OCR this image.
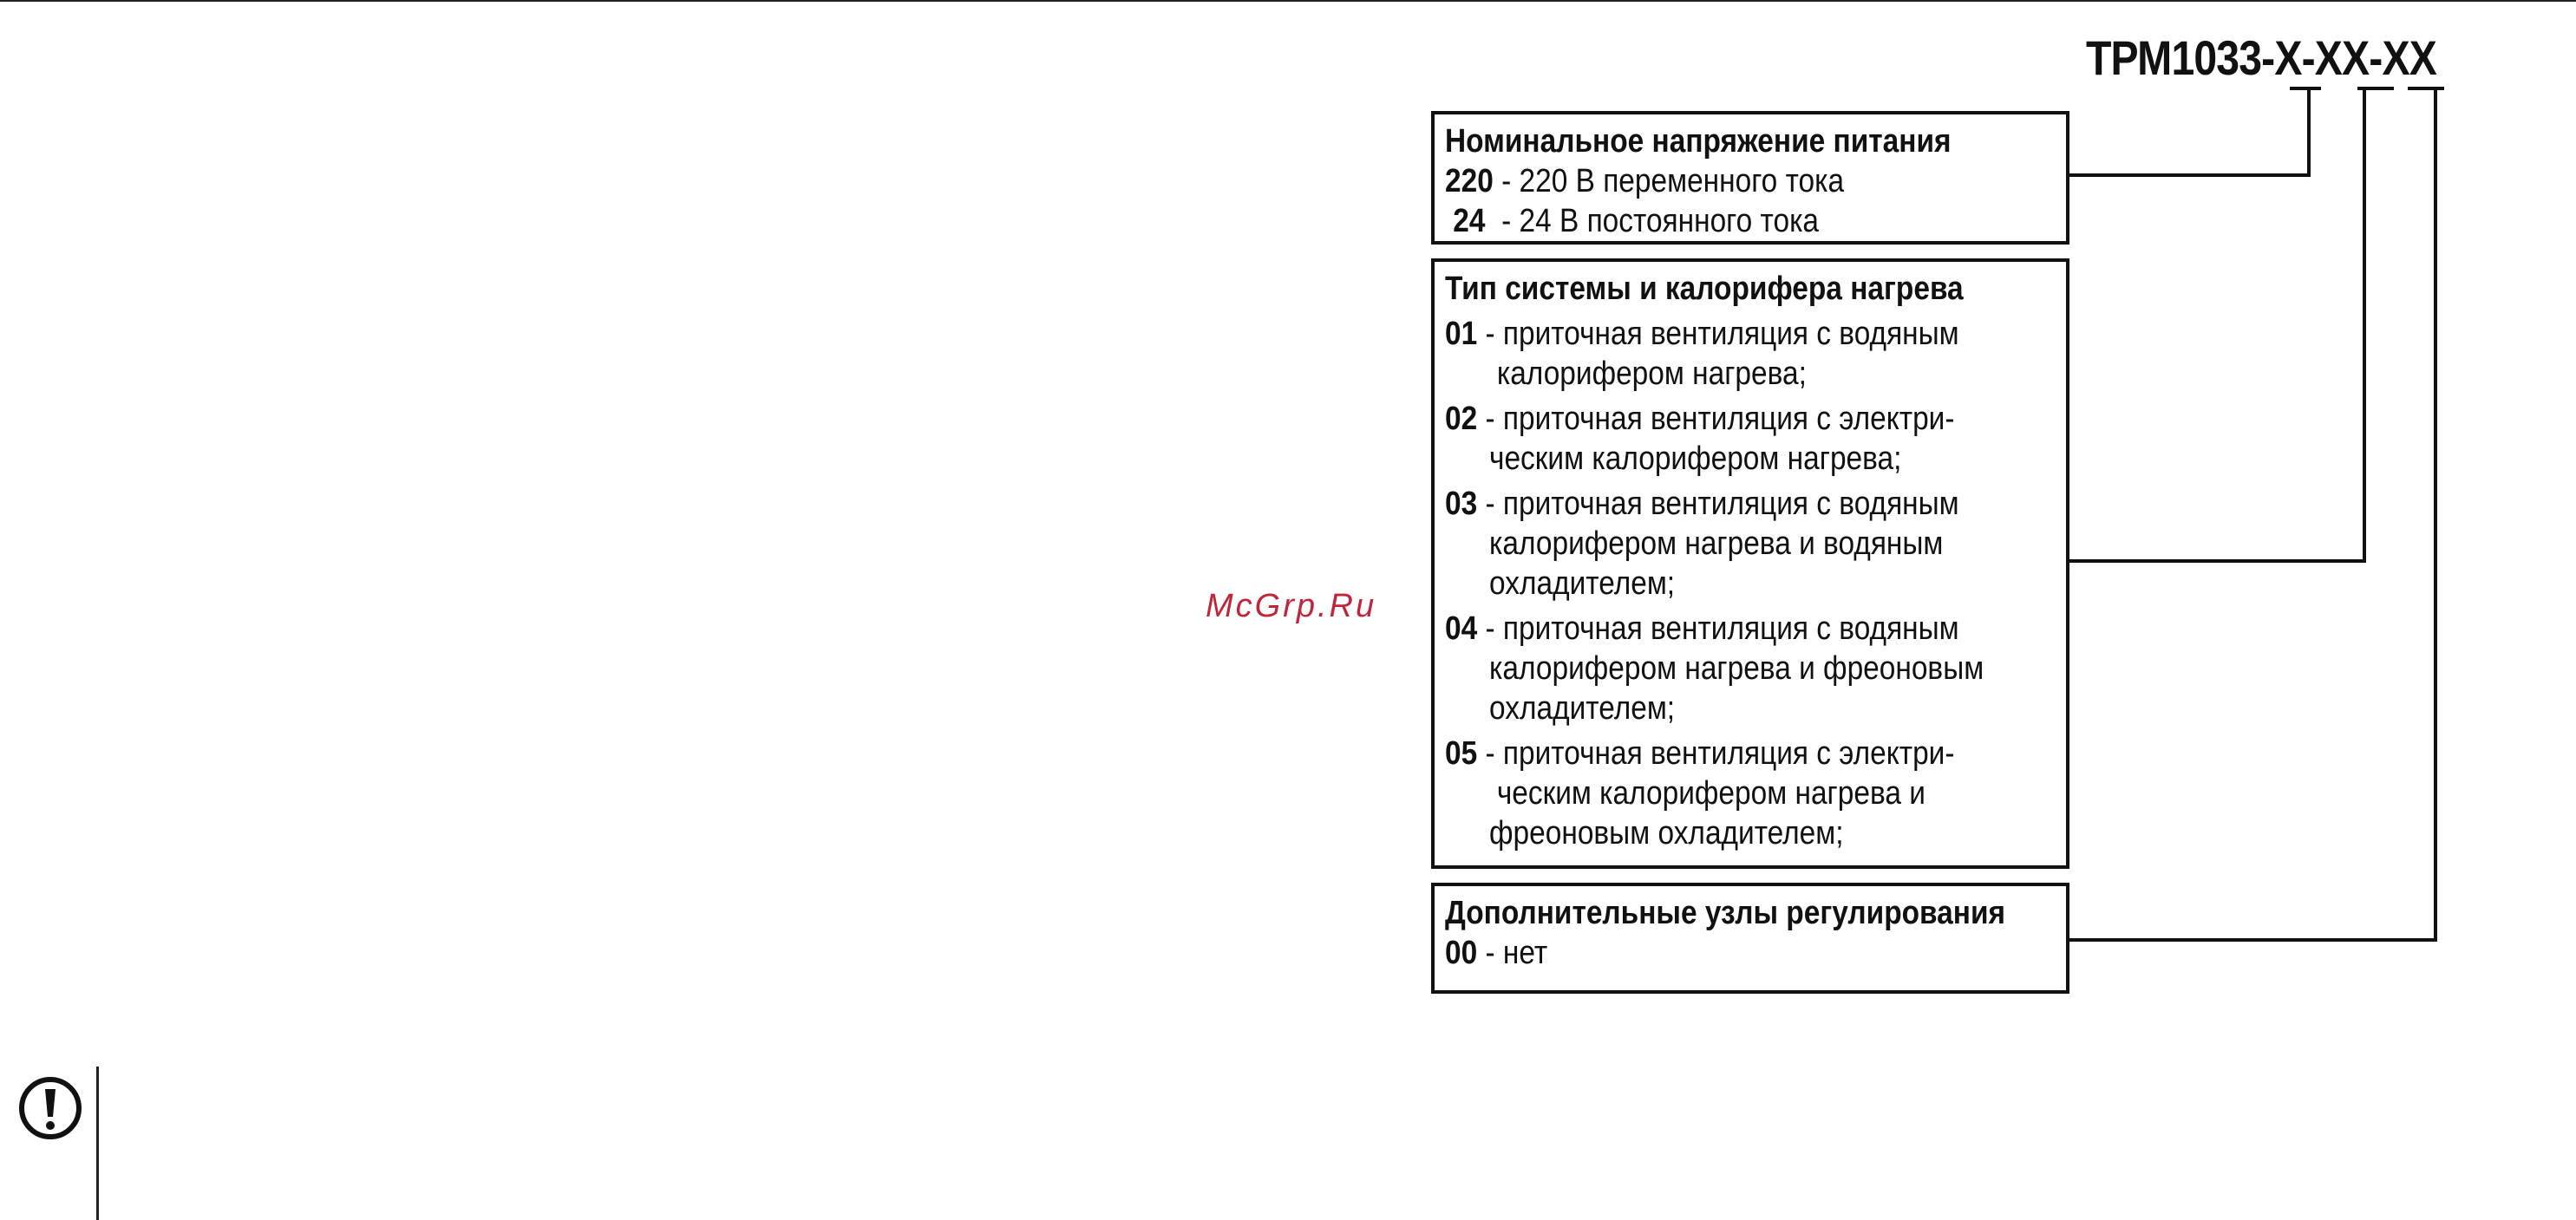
McGrp.Ru
ТРМ1033-Х-ХХ-ХХ
Номинальное напряжение питания
220 - 220 В переменного тока
24  - 24 В постоянного тока
Тип системы и калорифера нагрева
01 - приточная вентиляция с водяным
калорифером нагрева;
02 - приточная вентиляция с электри-
ческим калорифером нагрева;
03 - приточная вентиляция с водяным
калорифером нагрева и водяным
охладителем;
04 - приточная вентиляция с водяным
калорифером нагрева и фреоновым
охладителем;
05 - приточная вентиляция с электри-
ческим калорифером нагрева и
фреоновым охладителем;
Дополнительные узлы регулирования
00 - нет
